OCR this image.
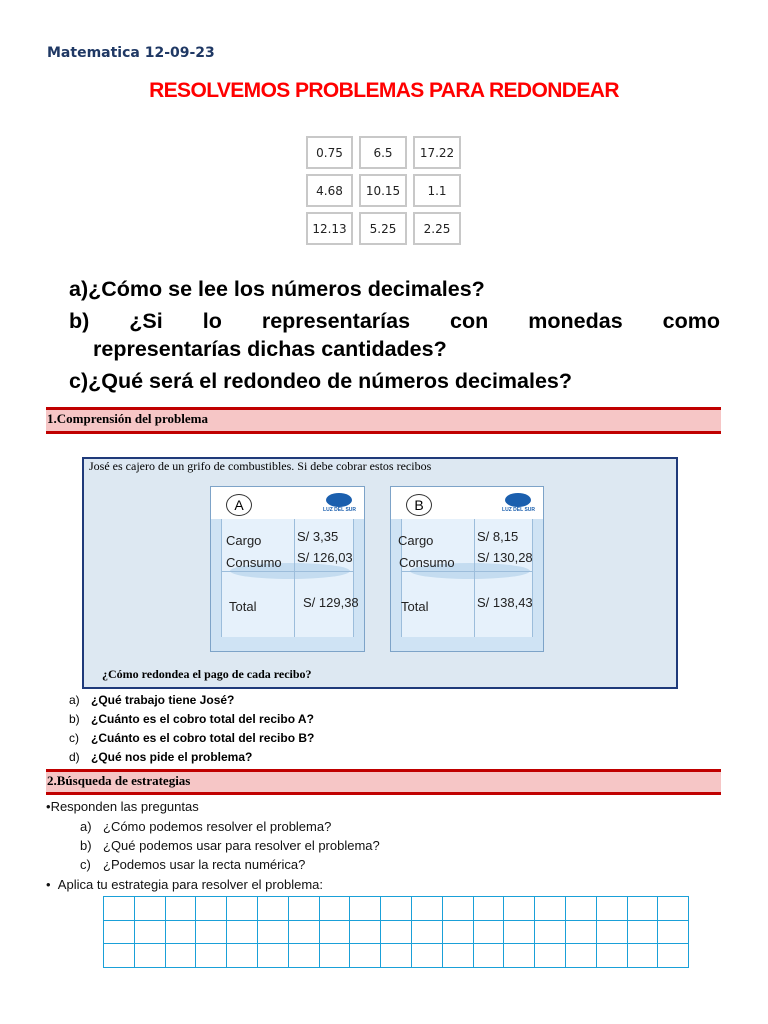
Matematica 12-09-23
RESOLVEMOS PROBLEMAS PARA REDONDEAR
0.75	6.5	17.22
4.68	10.15	1.1
12.13	5.25	2.25
a)¿Cómo se lee los números decimales?
b) ¿Si lo representarías con monedas como
representarías dichas cantidades?
c)¿Qué será el redondeo de números decimales?
1.Comprensión del problema
José es cajero de un grifo de combustibles. Si debe cobrar estos recibos
A	LUZ DEL SUR
Cargo	S/ 3,35
Consumo S/ 126,03
Total	S/ 129,38
B	LUZ DEL SUR
Cargo	S/ 8,15
Consumo S/ 130,28
Total	S/ 138,43
¿Cómo redondea el pago de cada recibo?
a) ¿Qué trabajo tiene José?
b) ¿Cuánto es el cobro total del recibo A?
c) ¿Cuánto es el cobro total del recibo B?
d) ¿Qué nos pide el problema?
2.Búsqueda de estrategias
•Responden las preguntas
a) ¿Cómo podemos resolver el problema?
b) ¿Qué podemos usar para resolver el problema?
c) ¿Podemos usar la recta numérica?
• Aplica tu estrategia para resolver el problema:
